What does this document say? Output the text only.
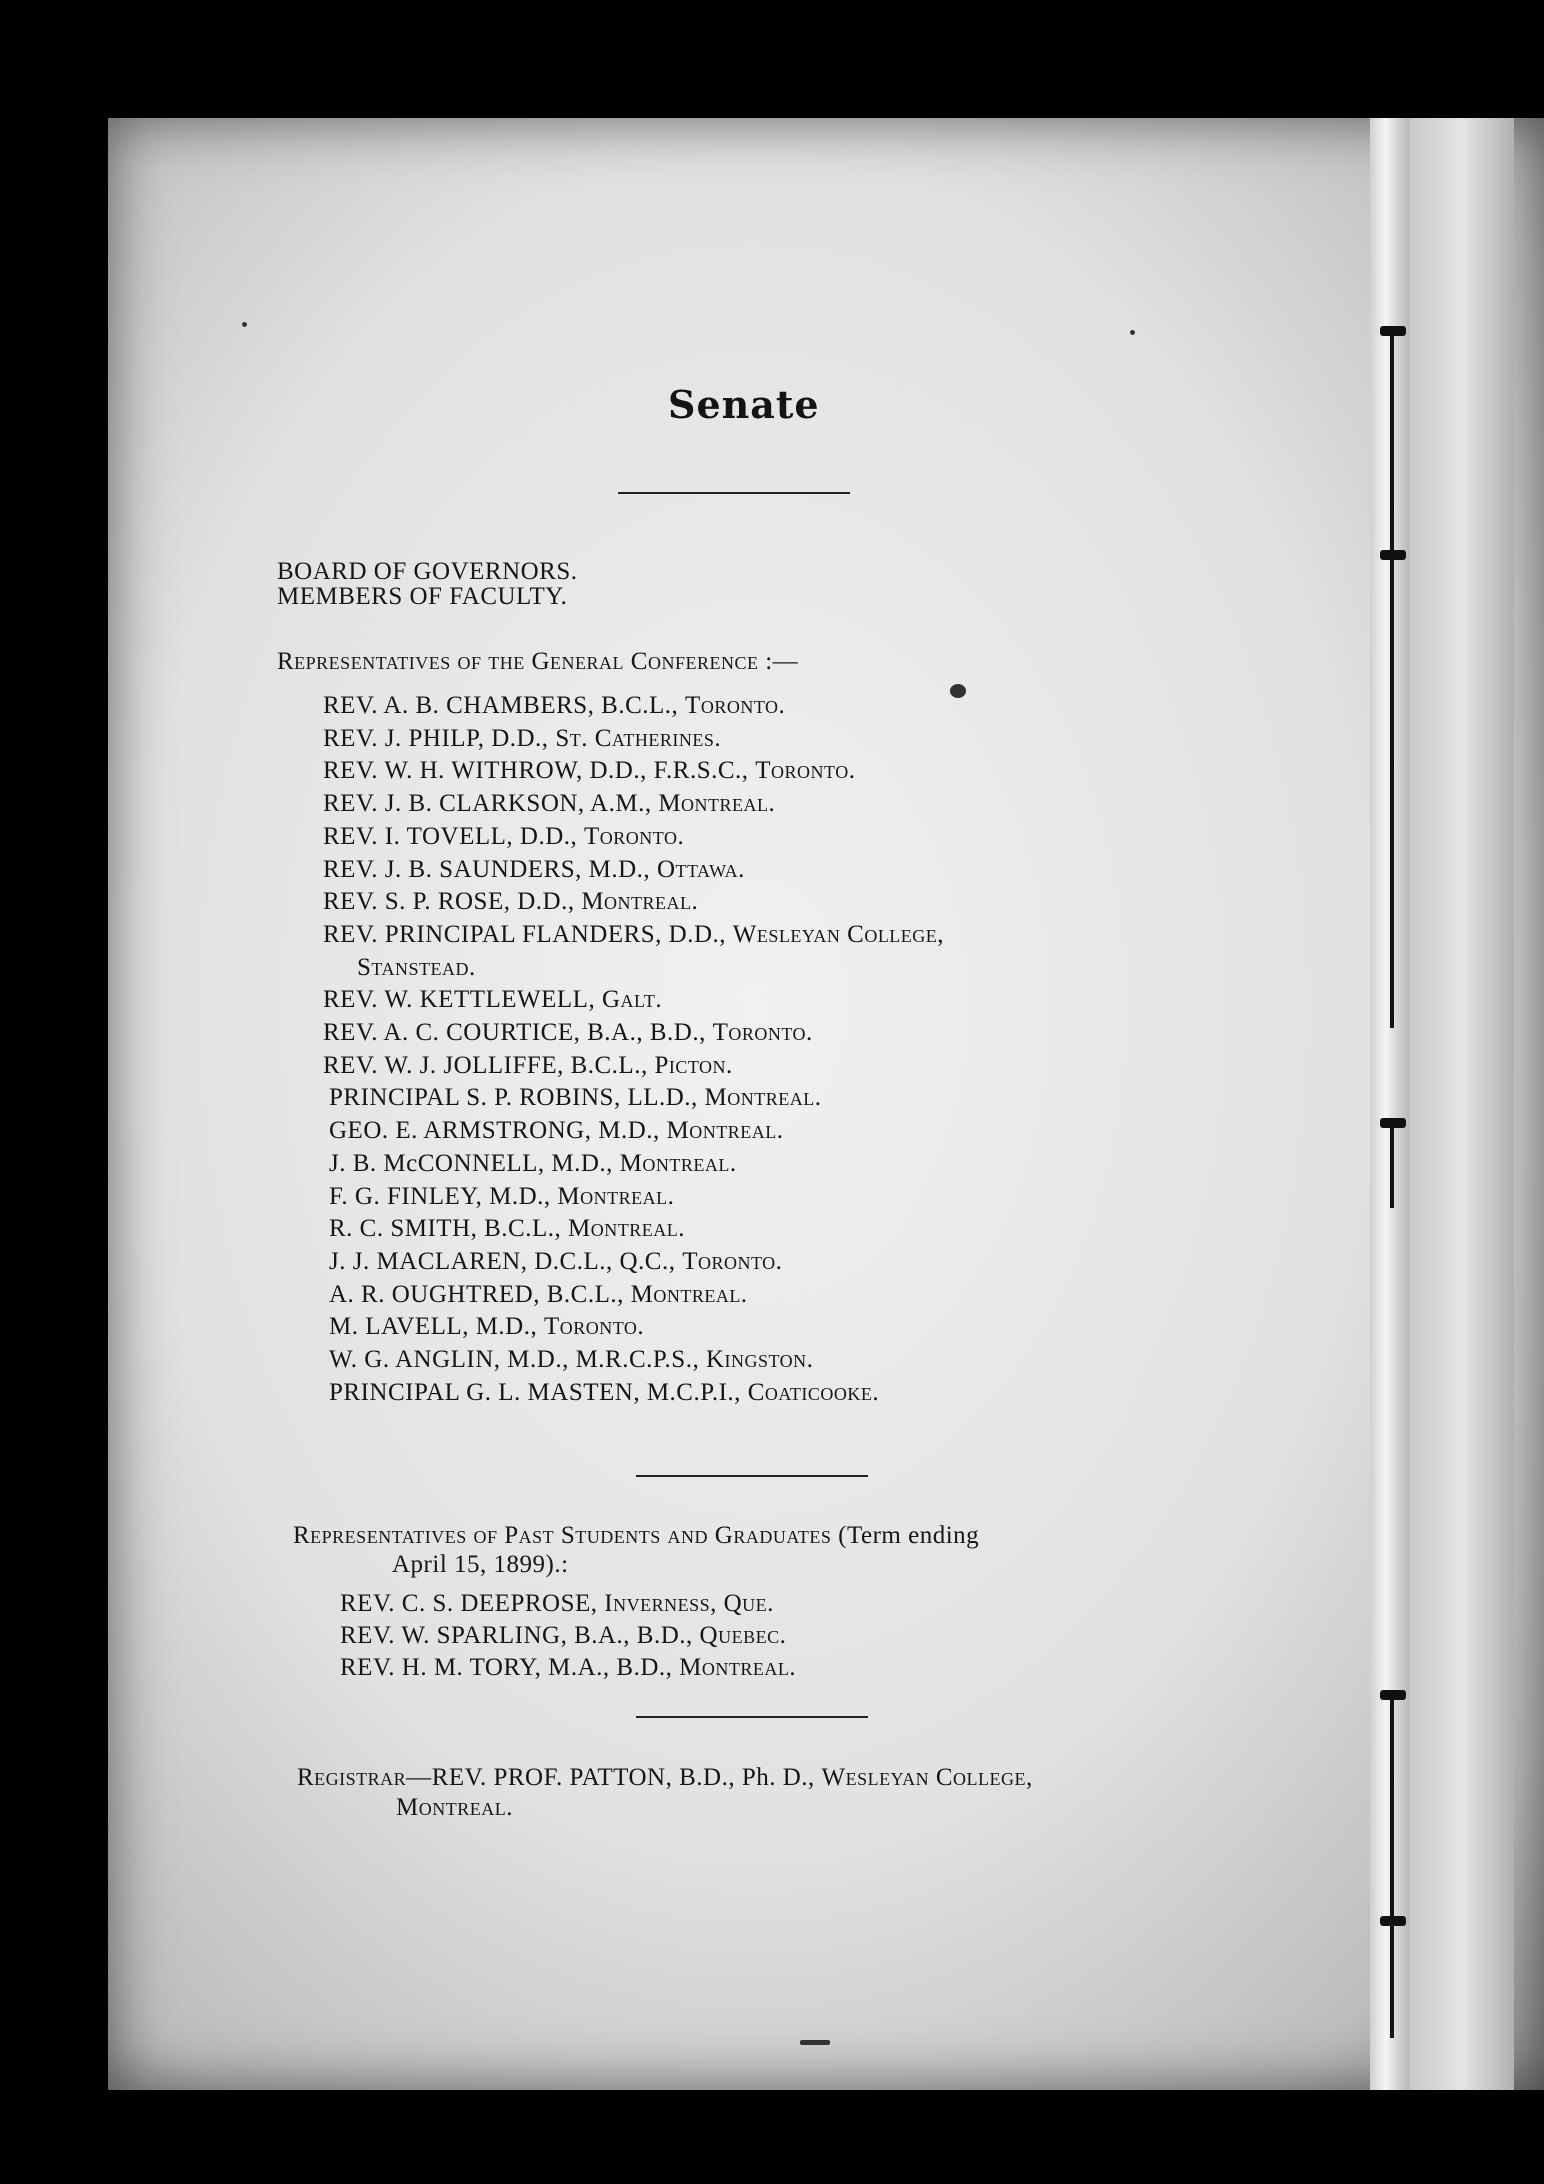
Senate
BOARD OF GOVERNORS.
MEMBERS OF FACULTY.
Representatives of the General Conference :—
REV. A. B. CHAMBERS, B.C.L., Toronto.
REV. J. PHILP, D.D., St. Catherines.
REV. W. H. WITHROW, D.D., F.R.S.C., Toronto.
REV. J. B. CLARKSON, A.M., Montreal.
REV. I. TOVELL, D.D., Toronto.
REV. J. B. SAUNDERS, M.D., Ottawa.
REV. S. P. ROSE, D.D., Montreal.
REV. PRINCIPAL FLANDERS, D.D., Wesleyan College,
Stanstead.
REV. W. KETTLEWELL, Galt.
REV. A. C. COURTICE, B.A., B.D., Toronto.
REV. W. J. JOLLIFFE, B.C.L., Picton.
PRINCIPAL S. P. ROBINS, LL.D., Montreal.
GEO. E. ARMSTRONG, M.D., Montreal.
J. B. McCONNELL, M.D., Montreal.
F. G. FINLEY, M.D., Montreal.
R. C. SMITH, B.C.L., Montreal.
J. J. MACLAREN, D.C.L., Q.C., Toronto.
A. R. OUGHTRED, B.C.L., Montreal.
M. LAVELL, M.D., Toronto.
W. G. ANGLIN, M.D., M.R.C.P.S., Kingston.
PRINCIPAL G. L. MASTEN, M.C.P.I., Coaticooke.
Representatives of Past Students and Graduates (Term ending
April 15, 1899).:
REV. C. S. DEEPROSE, Inverness, Que.
REV. W. SPARLING, B.A., B.D., Quebec.
REV. H. M. TORY, M.A., B.D., Montreal.
Registrar—REV. PROF. PATTON, B.D., Ph. D., Wesleyan College,
Montreal.
